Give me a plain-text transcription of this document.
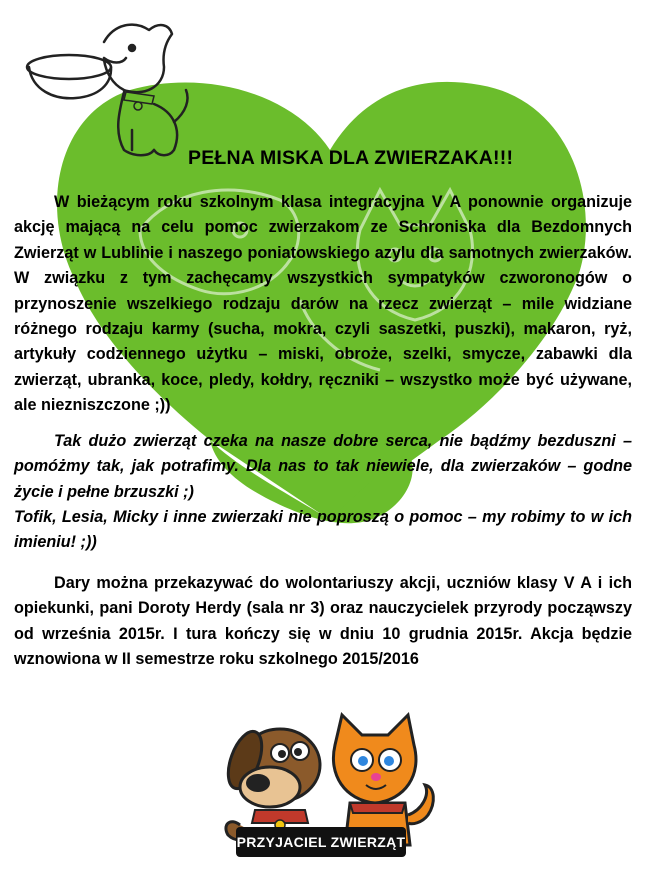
PEŁNA MISKA DLA ZWIERZAKA!!!

W bieżącym roku szkolnym klasa integracyjna V A ponownie organizuje akcję mającą na celu pomoc zwierzakom ze Schroniska dla Bezdomnych Zwierząt w Lublinie i naszego poniatowskiego azylu dla samotnych zwierzaków. W związku z tym zachęcamy wszystkich sympatyków czworonogów o przynoszenie wszelkiego rodzaju darów na rzecz zwierząt – mile widziane różnego rodzaju karmy (sucha, mokra, czyli saszetki, puszki), makaron, ryż, artykuły codziennego użytku – miski, obroże, szelki, smycze, zabawki dla zwierząt, ubranka, koce, pledy, kołdry, ręczniki – wszystko może być używane, ale niezniszczone ;))

Tak dużo zwierząt czeka na nasze dobre serca, nie bądźmy bezduszni – pomóżmy tak, jak potrafimy. Dla nas to tak niewiele, dla zwierzaków – godne życie i pełne brzuszki ;)

Tofik, Lesia, Micky i inne zwierzaki nie poproszą o pomoc – my robimy to w ich imieniu! ;))

Dary można przekazywać do wolontariuszy akcji, uczniów klasy V A i ich opiekunki, pani Doroty Herdy (sala nr 3) oraz nauczycielek przyrody począwszy od września 2015r. I tura kończy się w dniu 10 grudnia 2015r. Akcja będzie wznowiona w II semestrze roku szkolnego 2015/2016

PRZYJACIEL ZWIERZĄT
